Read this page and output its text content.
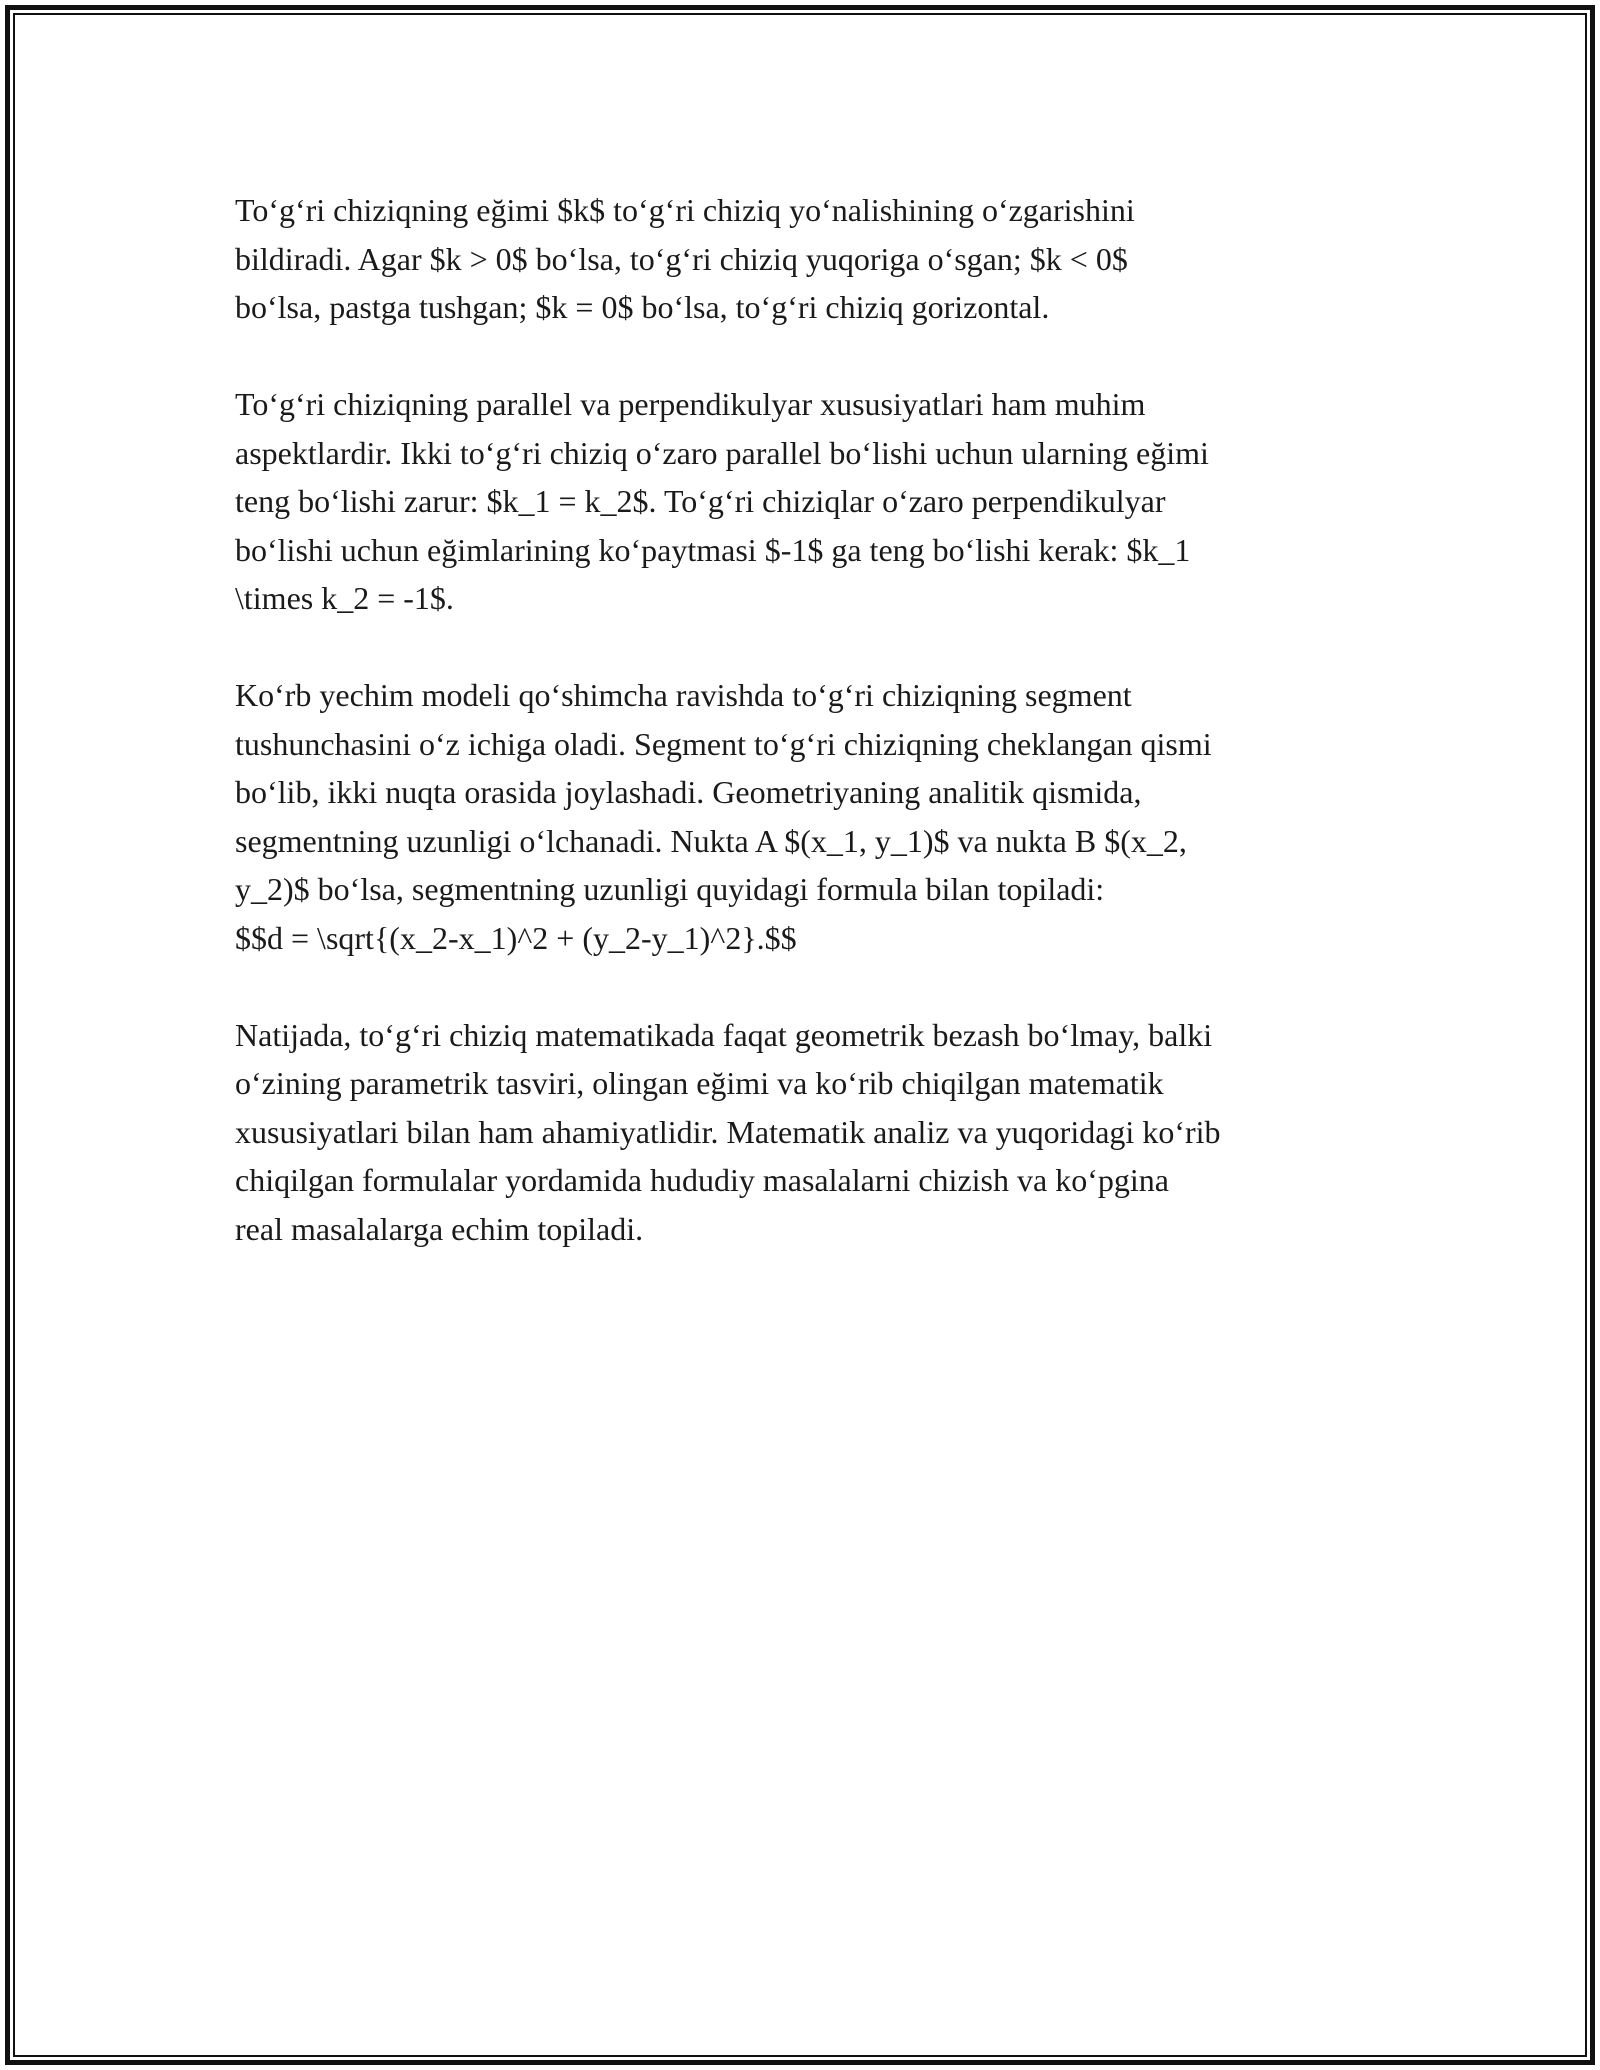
To‘g‘ri chiziqning eğimi $k$ to‘g‘ri chiziq yo‘nalishining o‘zgarishini
bildiradi. Agar $k > 0$ bo‘lsa, to‘g‘ri chiziq yuqoriga o‘sgan; $k < 0$
bo‘lsa, pastga tushgan; $k = 0$ bo‘lsa, to‘g‘ri chiziq gorizontal.

To‘g‘ri chiziqning parallel va perpendikulyar xususiyatlari ham muhim
aspektlardir. Ikki to‘g‘ri chiziq o‘zaro parallel bo‘lishi uchun ularning eğimi
teng bo‘lishi zarur: $k_1 = k_2$. To‘g‘ri chiziqlar o‘zaro perpendikulyar
bo‘lishi uchun eğimlarining ko‘paytmasi $-1$ ga teng bo‘lishi kerak: $k_1
\times k_2 = -1$.

Ko‘rb yechim modeli qo‘shimcha ravishda to‘g‘ri chiziqning segment
tushunchasini o‘z ichiga oladi. Segment to‘g‘ri chiziqning cheklangan qismi
bo‘lib, ikki nuqta orasida joylashadi. Geometriyaning analitik qismida,
segmentning uzunligi o‘lchanadi. Nukta A $(x_1, y_1)$ va nukta B $(x_2,
y_2)$ bo‘lsa, segmentning uzunligi quyidagi formula bilan topiladi:
$$d = \sqrt{(x_2-x_1)^2 + (y_2-y_1)^2}.$$

Natijada, to‘g‘ri chiziq matematikada faqat geometrik bezash bo‘lmay, balki
o‘zining parametrik tasviri, olingan eğimi va ko‘rib chiqilgan matematik
xususiyatlari bilan ham ahamiyatlidir. Matematik analiz va yuqoridagi ko‘rib
chiqilgan formulalar yordamida hududiy masalalarni chizish va ko‘pgina
real masalalarga echim topiladi.
